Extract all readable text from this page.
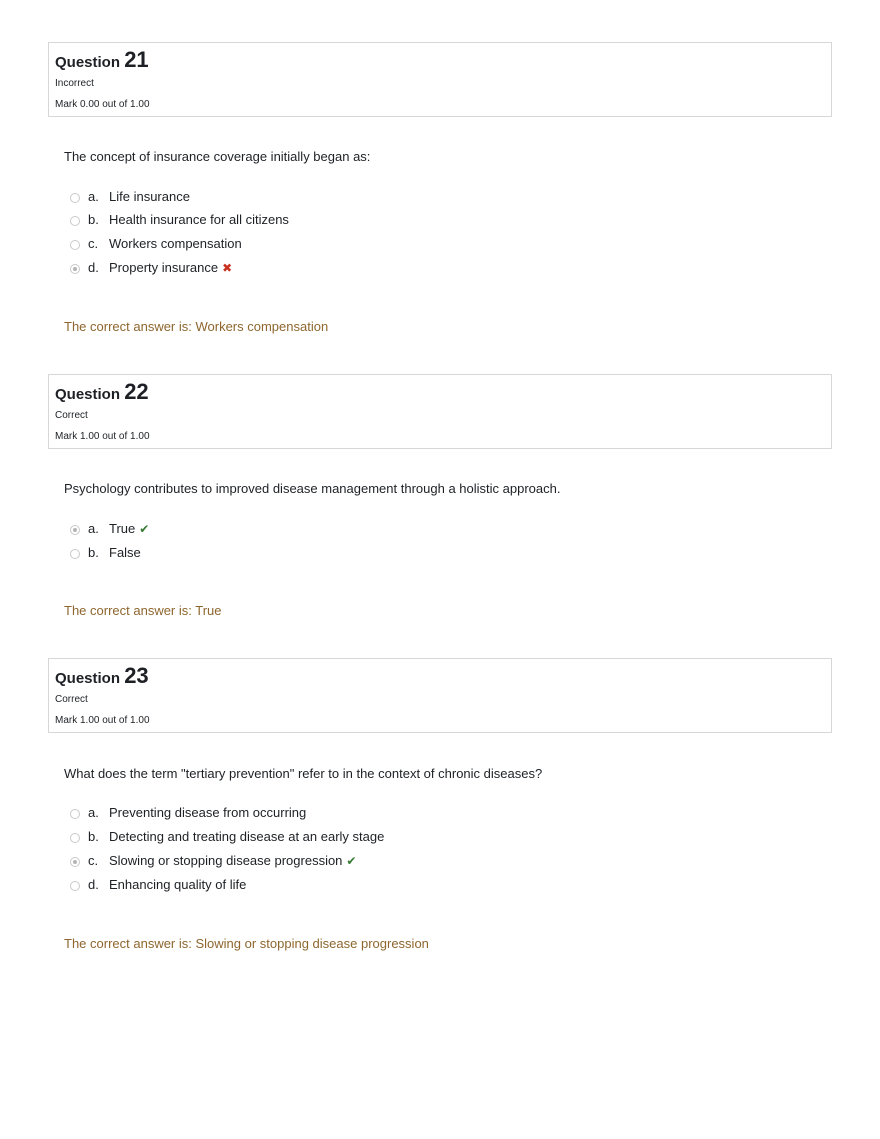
Question 21
Incorrect
Mark 0.00 out of 1.00
The concept of insurance coverage initially began as:
a. Life insurance
b. Health insurance for all citizens
c. Workers compensation
d. Property insurance ✖
The correct answer is: Workers compensation
Question 22
Correct
Mark 1.00 out of 1.00
Psychology contributes to improved disease management through a holistic approach.
a. True ✔
b. False
The correct answer is: True
Question 23
Correct
Mark 1.00 out of 1.00
What does the term "tertiary prevention" refer to in the context of chronic diseases?
a. Preventing disease from occurring
b. Detecting and treating disease at an early stage
c. Slowing or stopping disease progression ✔
d. Enhancing quality of life
The correct answer is: Slowing or stopping disease progression
